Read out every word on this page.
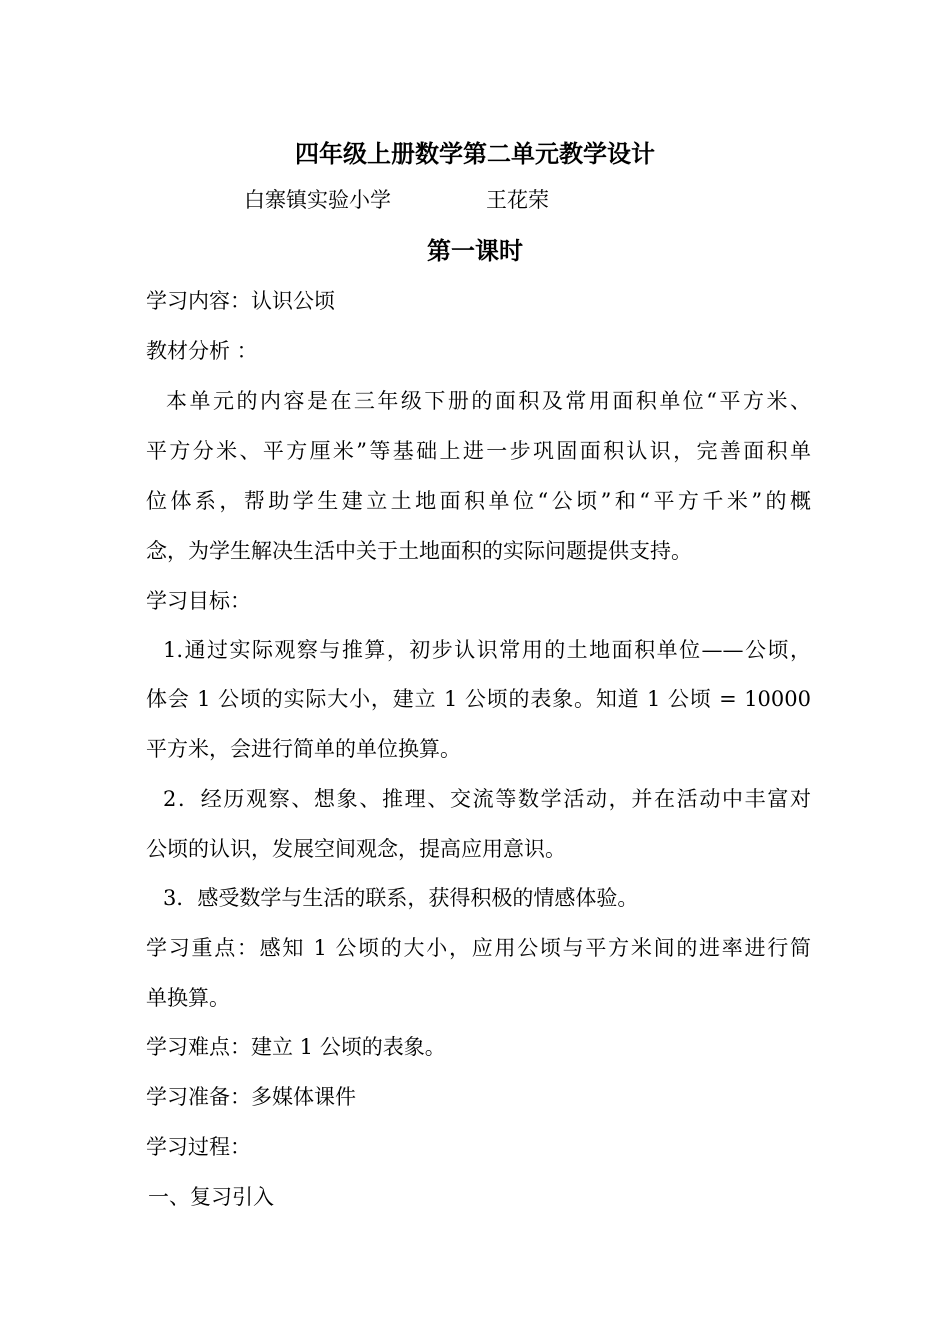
四年级上册数学第二单元教学设计
白寨镇实验小学	王花荣
第一课时
学习内容：认识公顷
教材分析 ：
本单元的内容是在三年级下册的面积及常用面积单位“平方米、
平方分米、平方厘米”等基础上进一步巩固面积认识，完善面积单
位体系，帮助学生建立土地面积单位“公顷”和“平方千米”的概
念，为学生解决生活中关于土地面积的实际问题提供支持。
学习目标：
1.通过实际观察与推算，初步认识常用的土地面积单位——公顷，
体会 1 公顷的实际大小，建立 1 公顷的表象。知道 1 公顷 = 10000
平方米，会进行简单的单位换算。
2．经历观察、想象、推理、交流等数学活动，并在活动中丰富对
公顷的认识，发展空间观念，提高应用意识。
3．感受数学与生活的联系，获得积极的情感体验。
学习重点：感知 1 公顷的大小，应用公顷与平方米间的进率进行简
单换算。
学习难点：建立 1 公顷的表象。
学习准备：多媒体课件
学习过程：
一、复习引入
